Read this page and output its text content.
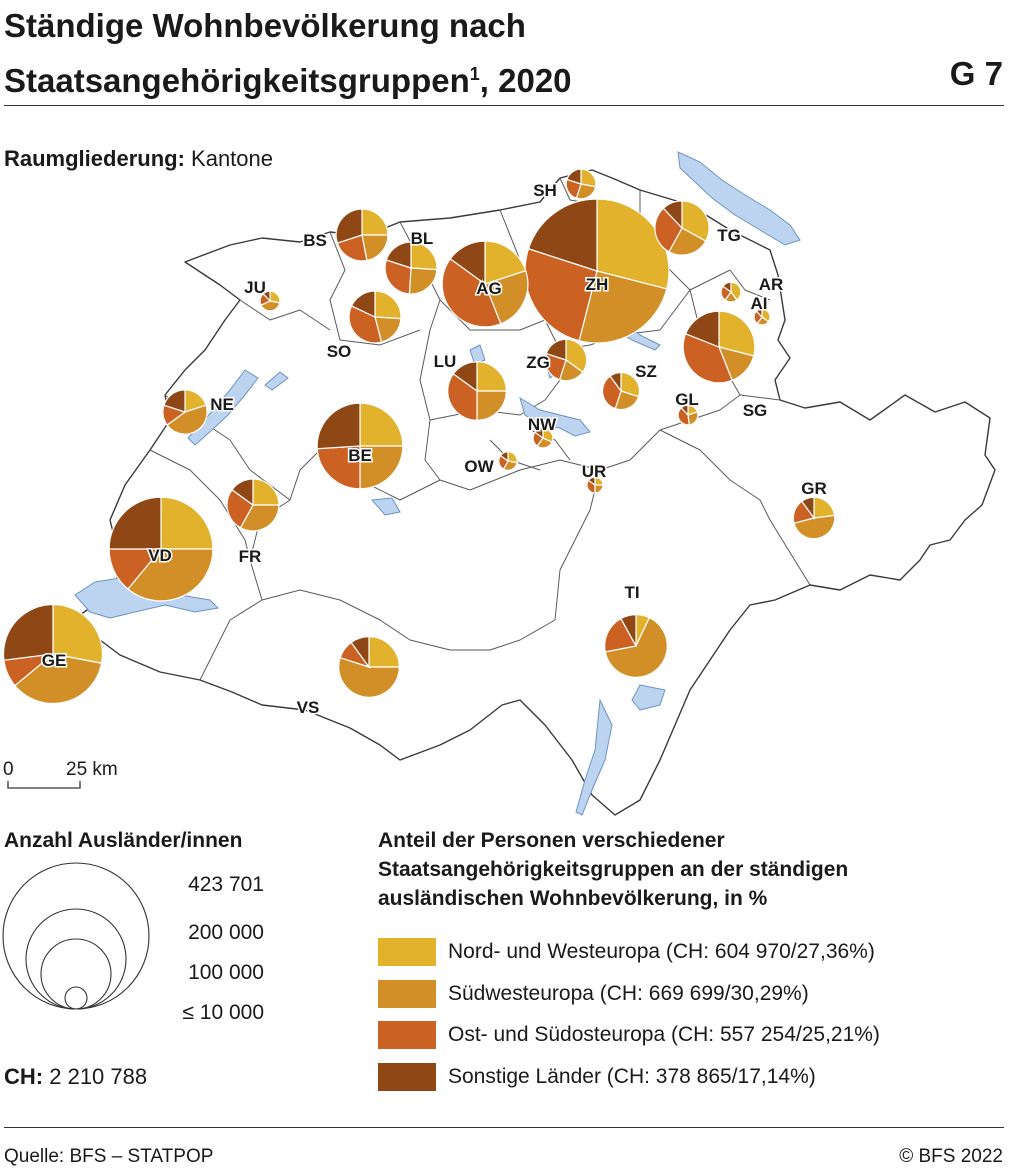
Ständige Wohnbevölkerung nach
Staatsangehörigkeitsgruppen$^1$, 2020	G 7
Raumgliederung: Kantone
ZH
GE
VD
BE
AG
SG
TI
LU
BS	BL
SO
TG
FR
VS
NE
ZG	SZ
GR
SH
JU
NW
OW	UR
GL
AR
AI
0	25 km
Anzahl Ausländer/innen
423 701
200 000
100 000
≤ 10 000
CH: 2 210 788
Anteil der Personen verschiedener
Staatsangehörigkeitsgruppen an der ständigen
ausländischen Wohnbevölkerung, in %
Nord- und Westeuropa (CH: 604 970/27,36%)
Südwesteuropa (CH: 669 699/30,29%)
Ost- und Südosteuropa (CH: 557 254/25,21%)
Sonstige Länder (CH: 378 865/17,14%)
Quelle: BFS – STATPOP	© BFS 2022
